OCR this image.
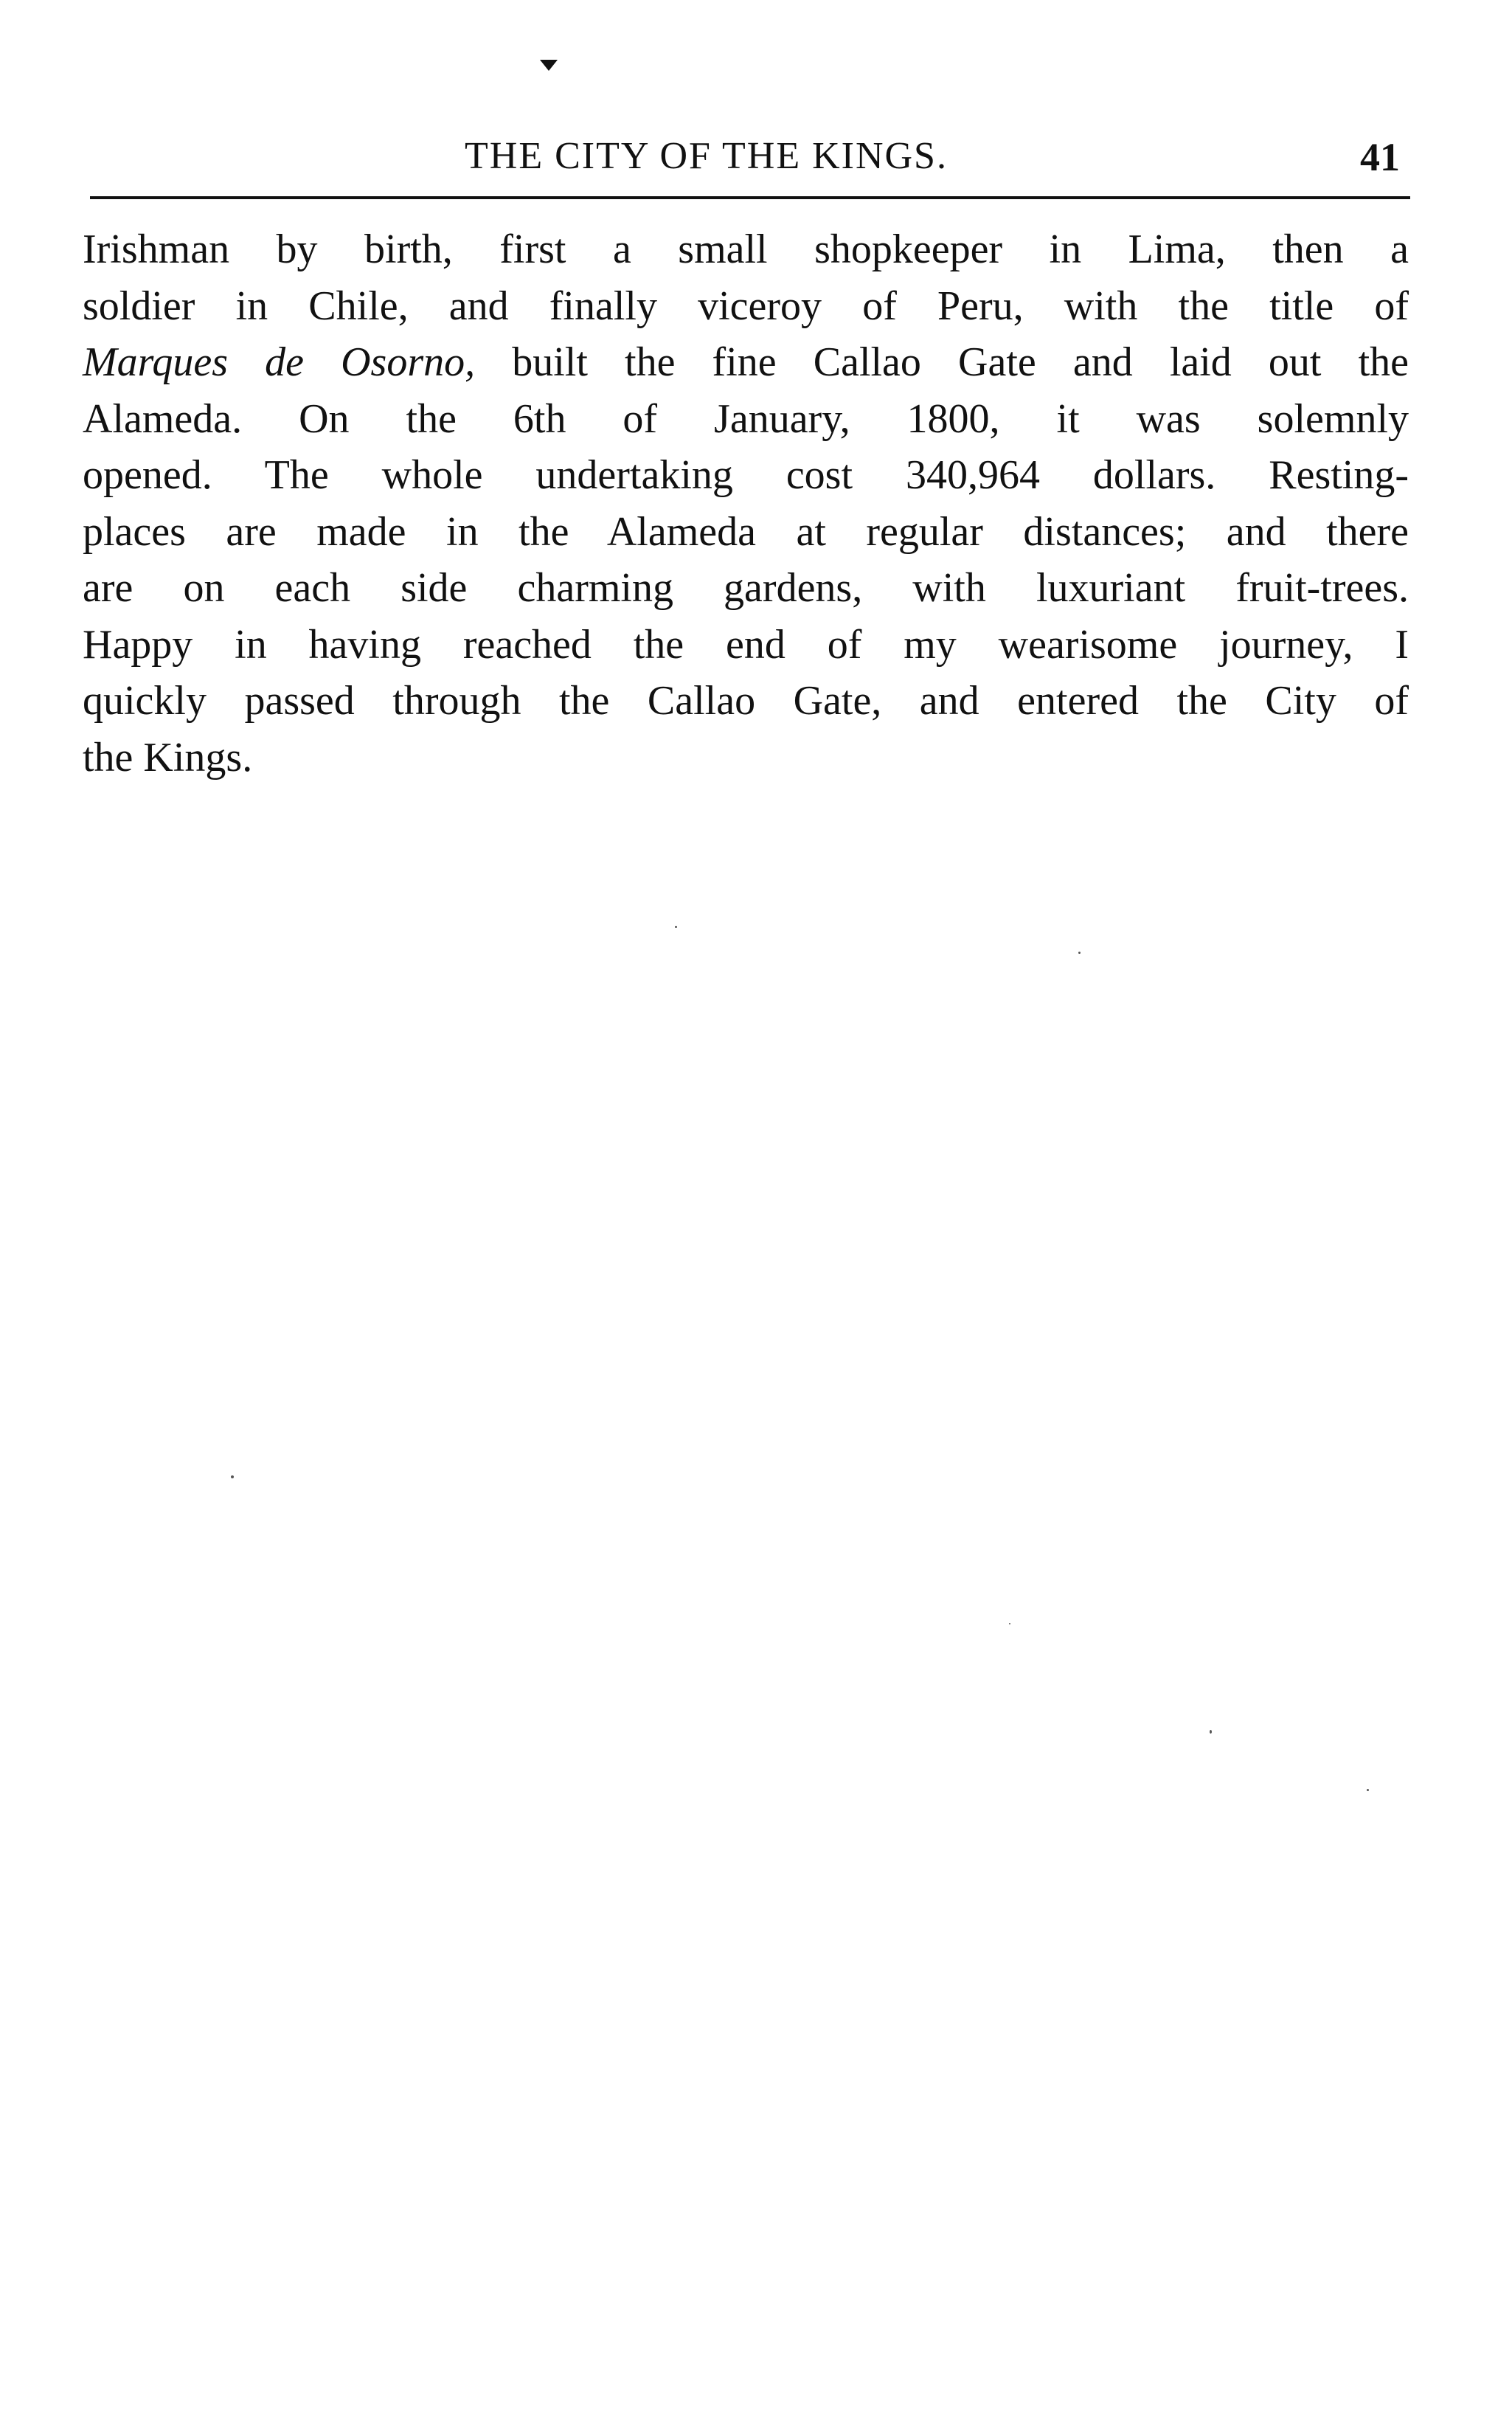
THE CITY OF THE KINGS.	41
Irishman by birth, first a small shopkeeper in Lima, then a
soldier in Chile, and finally viceroy of Peru, with the title of
Marques de Osorno, built the fine Callao Gate and laid out the
Alameda. On the 6th of January, 1800, it was solemnly
opened. The whole undertaking cost 340,964 dollars. Resting-
places are made in the Alameda at regular distances; and there
are on each side charming gardens, with luxuriant fruit-trees.
Happy in having reached the end of my wearisome journey, I
quickly passed through the Callao Gate, and entered the City of
the Kings.
